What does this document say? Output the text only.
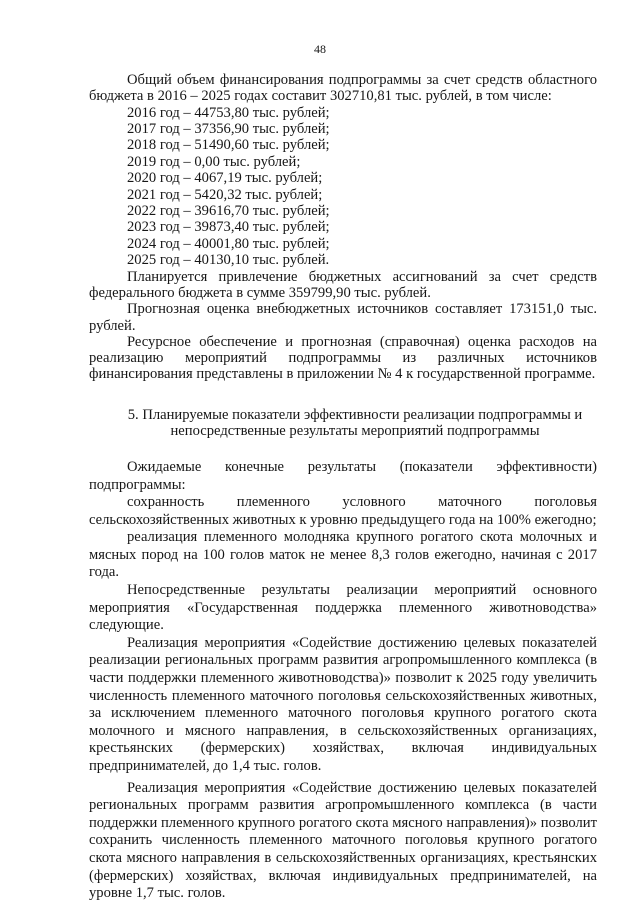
48

Общий объем финансирования подпрограммы за счет средств областного бюджета в 2016 – 2025 годах составит 302710,81 тыс. рублей, в том числе:

2016 год – 44753,80 тыс. рублей;
2017 год – 37356,90 тыс. рублей;
2018 год – 51490,60 тыс. рублей;
2019 год – 0,00 тыс. рублей;
2020 год – 4067,19 тыс. рублей;
2021 год – 5420,32 тыс. рублей;
2022 год – 39616,70 тыс. рублей;
2023 год – 39873,40 тыс. рублей;
2024 год – 40001,80 тыс. рублей;
2025 год – 40130,10 тыс. рублей.

Планируется привлечение бюджетных ассигнований за счет средств федерального бюджета в сумме 359799,90 тыс. рублей.

Прогнозная оценка внебюджетных источников составляет 173151,0 тыс. рублей.

Ресурсное обеспечение и прогнозная (справочная) оценка расходов на реализацию мероприятий подпрограммы из различных источников финансирования представлены в приложении № 4 к государственной программе.

5. Планируемые показатели эффективности реализации подпрограммы и
непосредственные результаты мероприятий подпрограммы

Ожидаемые конечные результаты (показатели эффективности) подпрограммы:

сохранность племенного условного маточного поголовья сельскохозяйственных животных к уровню предыдущего года на 100% ежегодно;

реализация племенного молодняка крупного рогатого скота молочных и мясных пород на 100 голов маток не менее 8,3 голов ежегодно, начиная с 2017 года.

Непосредственные результаты реализации мероприятий основного мероприятия «Государственная поддержка племенного животноводства» следующие.

Реализация мероприятия «Содействие достижению целевых показателей реализации региональных программ развития агропромышленного комплекса (в части поддержки племенного животноводства)» позволит к 2025 году увеличить численность племенного маточного поголовья сельскохозяйственных животных, за исключением племенного маточного поголовья крупного рогатого скота молочного и мясного направления, в сельскохозяйственных организациях, крестьянских (фермерских) хозяйствах, включая индивидуальных предпринимателей, до 1,4 тыс. голов.

Реализация мероприятия «Содействие достижению целевых показателей региональных программ развития агропромышленного комплекса (в части поддержки племенного крупного рогатого скота мясного направления)» позволит сохранить численность племенного маточного поголовья крупного рогатого скота мясного направления в сельскохозяйственных организациях, крестьянских (фермерских) хозяйствах, включая индивидуальных предпринимателей, на уровне 1,7 тыс. голов.
